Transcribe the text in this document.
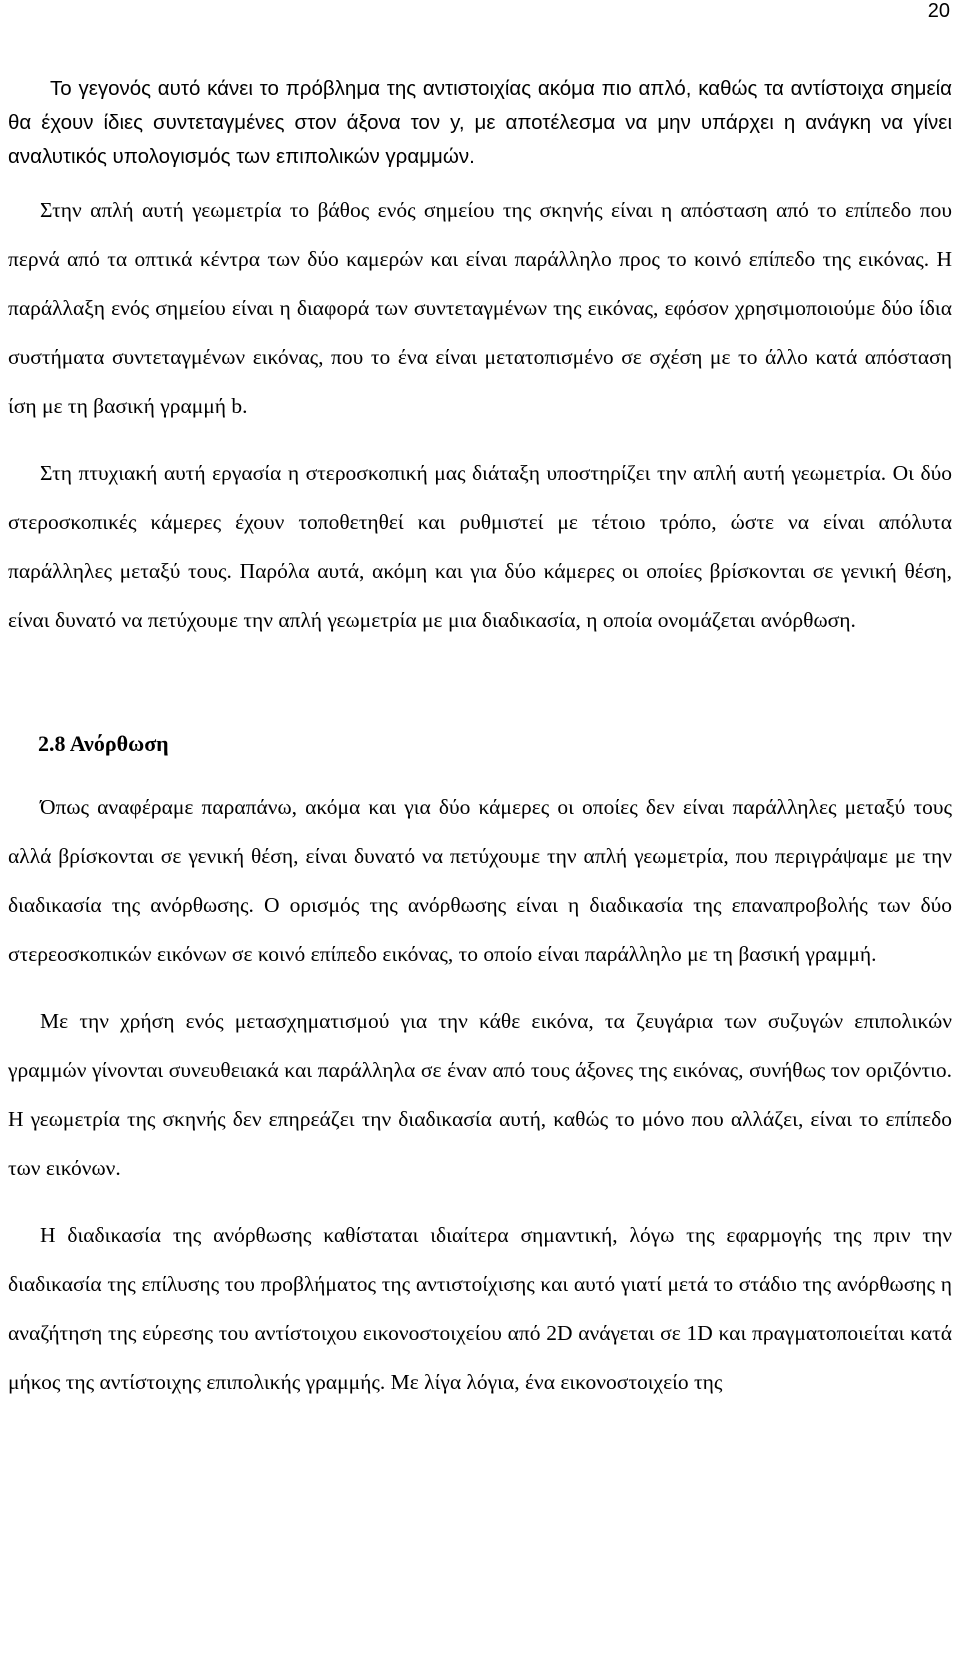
20

Το γεγονός αυτό κάνει το πρόβλημα της αντιστοιχίας ακόμα πιο απλό, καθώς τα αντίστοιχα σημεία θα έχουν ίδιες συντεταγμένες στον άξονα τον y, με αποτέλεσμα να μην υπάρχει η ανάγκη να γίνει αναλυτικός υπολογισμός των επιπολικών γραμμών.

Στην απλή αυτή γεωμετρία το βάθος ενός σημείου της σκηνής είναι η απόσταση από το επίπεδο που περνά από τα οπτικά κέντρα των δύο καμερών και είναι παράλληλο προς το κοινό επίπεδο της εικόνας. Η παράλλαξη ενός σημείου είναι η διαφορά των συντεταγμένων της εικόνας, εφόσον χρησιμοποιούμε δύο ίδια συστήματα συντεταγμένων εικόνας, που το ένα είναι μετατοπισμένο σε σχέση με το άλλο κατά απόσταση ίση με τη βασική γραμμή b.

Στη πτυχιακή αυτή εργασία η στεροσκοπική μας διάταξη υποστηρίζει την απλή αυτή γεωμετρία. Οι δύο στεροσκοπικές κάμερες έχουν τοποθετηθεί και ρυθμιστεί με τέτοιο τρόπο, ώστε να είναι απόλυτα παράλληλες μεταξύ τους. Παρόλα αυτά, ακόμη και για δύο κάμερες οι οποίες βρίσκονται σε γενική θέση, είναι δυνατό να πετύχουμε την απλή γεωμετρία με μια διαδικασία, η οποία ονομάζεται ανόρθωση.

2.8 Ανόρθωση

Όπως αναφέραμε παραπάνω, ακόμα και για δύο κάμερες οι οποίες δεν είναι παράλληλες μεταξύ τους αλλά βρίσκονται σε γενική θέση, είναι δυνατό να πετύχουμε την απλή γεωμετρία, που περιγράψαμε με την διαδικασία της ανόρθωσης. Ο ορισμός της ανόρθωσης είναι η διαδικασία της επαναπροβολής των δύο στερεοσκοπικών εικόνων σε κοινό επίπεδο εικόνας, το οποίο είναι παράλληλο με τη βασική γραμμή.

Με την χρήση ενός μετασχηματισμού για την κάθε εικόνα, τα ζευγάρια των συζυγών επιπολικών γραμμών γίνονται συνευθειακά και παράλληλα σε έναν από τους άξονες της εικόνας, συνήθως τον οριζόντιο. Η γεωμετρία της σκηνής δεν επηρεάζει την διαδικασία αυτή, καθώς το μόνο που αλλάζει, είναι το επίπεδο των εικόνων.

Η διαδικασία της ανόρθωσης καθίσταται ιδιαίτερα σημαντική, λόγω της εφαρμογής της πριν την διαδικασία της επίλυσης του προβλήματος της αντιστοίχισης και αυτό γιατί μετά το στάδιο της ανόρθωσης η αναζήτηση της εύρεσης του αντίστοιχου εικονοστοιχείου από 2D ανάγεται σε 1D και πραγματοποιείται κατά μήκος της αντίστοιχης επιπολικής γραμμής. Με λίγα λόγια, ένα εικονοστοιχείο της
